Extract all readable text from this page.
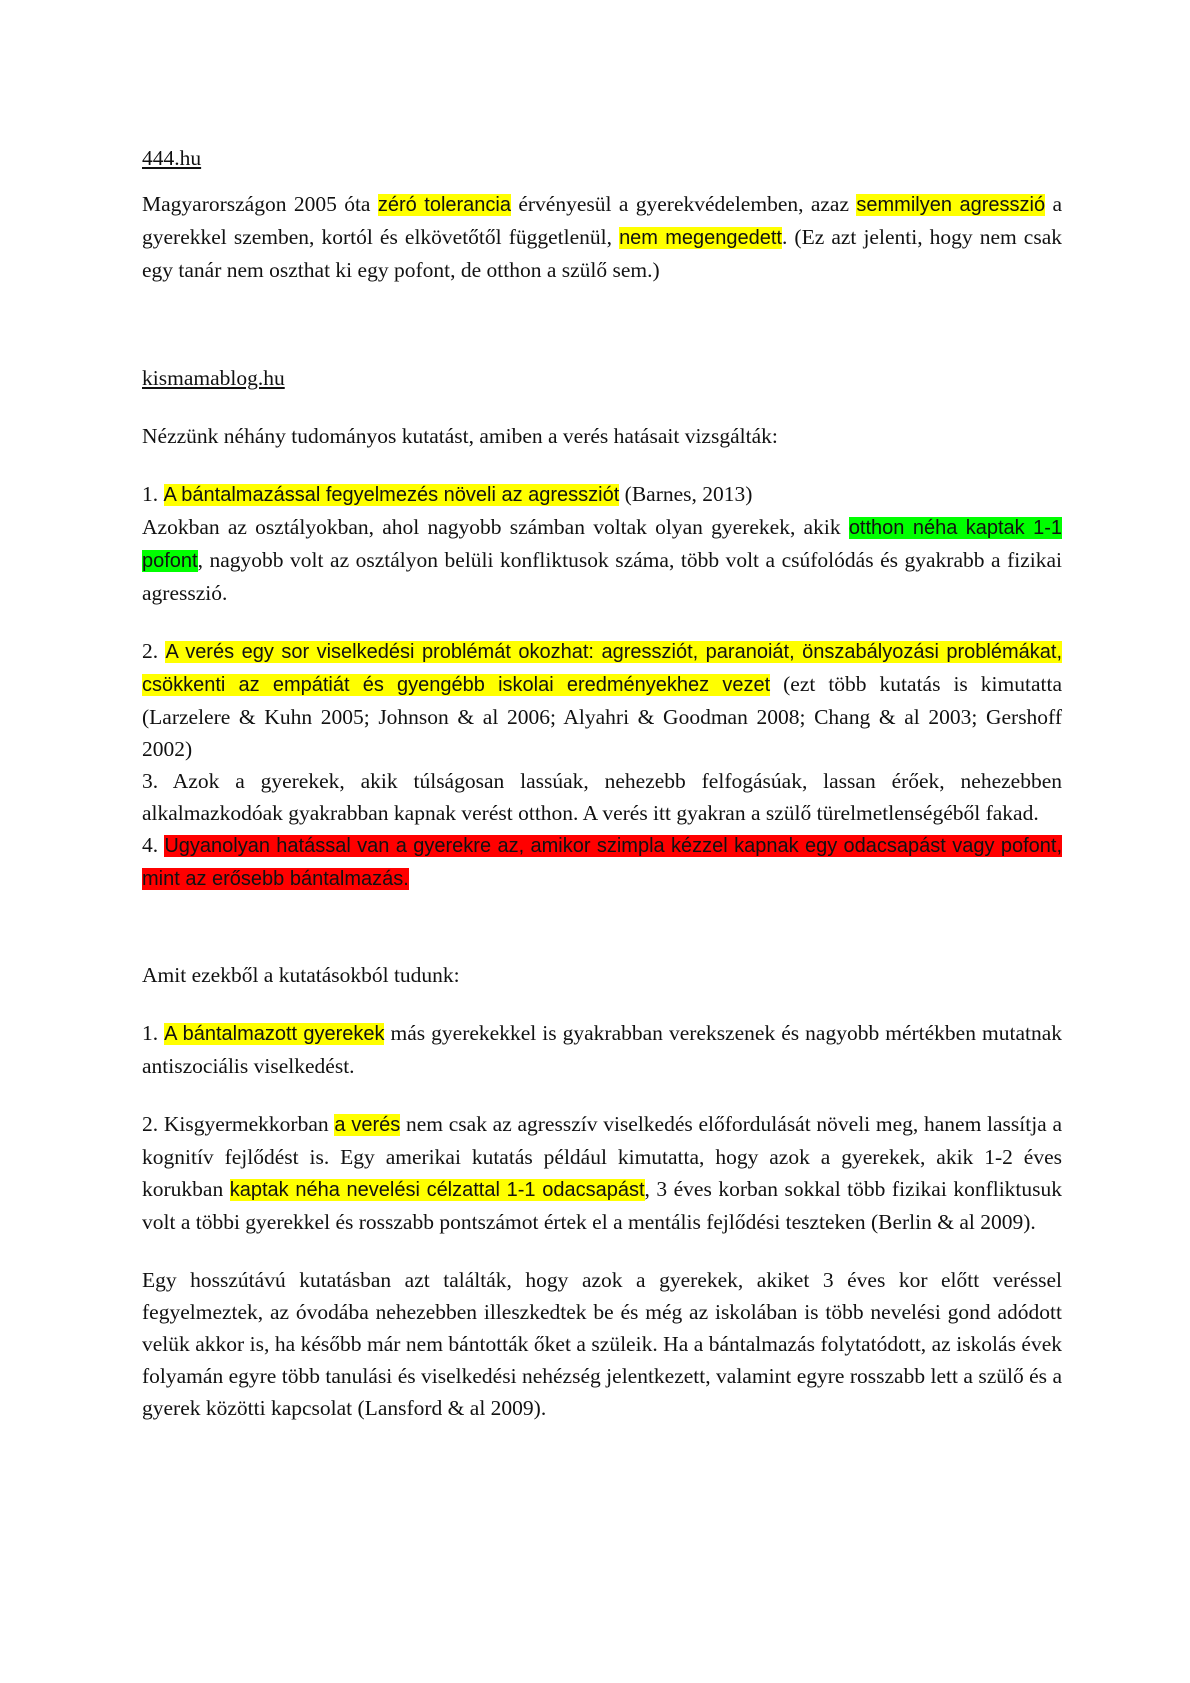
444.hu

Magyarországon 2005 óta zéró tolerancia érvényesül a gyerekvédelemben, azaz semmilyen agresszió a gyerekkel szemben, kortól és elkövetőtől függetlenül, nem megengedett. (Ez azt jelenti, hogy nem csak egy tanár nem oszthat ki egy pofont, de otthon a szülő sem.)

kismamablog.hu

Nézzünk néhány tudományos kutatást, amiben a verés hatásait vizsgálták:

1. A bántalmazással fegyelmezés növeli az agressziót (Barnes, 2013)
Azokban az osztályokban, ahol nagyobb számban voltak olyan gyerekek, akik otthon néha kaptak 1-1 pofont, nagyobb volt az osztályon belüli konfliktusok száma, több volt a csúfolódás és gyakrabb a fizikai agresszió.

2. A verés egy sor viselkedési problémát okozhat: agressziót, paranoiát, önszabályozási problémákat, csökkenti az empátiát és gyengébb iskolai eredményekhez vezet (ezt több kutatás is kimutatta (Larzelere & Kuhn 2005; Johnson & al 2006; Alyahri & Goodman 2008; Chang & al 2003; Gershoff 2002)

3. Azok a gyerekek, akik túlságosan lassúak, nehezebb felfogásúak, lassan érőek, nehezebben alkalmazkodóak gyakrabban kapnak verést otthon. A verés itt gyakran a szülő türelmetlenségéből fakad.

4. Ugyanolyan hatással van a gyerekre az, amikor szimpla kézzel kapnak egy odacsapást vagy pofont, mint az erősebb bántalmazás.

Amit ezekből a kutatásokból tudunk:

1. A bántalmazott gyerekek más gyerekekkel is gyakrabban verekszenek és nagyobb mértékben mutatnak antiszociális viselkedést.

2. Kisgyermekkorban a verés nem csak az agresszív viselkedés előfordulását növeli meg, hanem lassítja a kognitív fejlődést is. Egy amerikai kutatás például kimutatta, hogy azok a gyerekek, akik 1-2 éves korukban kaptak néha nevelési célzattal 1-1 odacsapást, 3 éves korban sokkal több fizikai konfliktusuk volt a többi gyerekkel és rosszabb pontszámot értek el a mentális fejlődési teszteken (Berlin & al 2009).

Egy hosszútávú kutatásban azt találták, hogy azok a gyerekek, akiket 3 éves kor előtt veréssel fegyelmeztek, az óvodába nehezebben illeszkedtek be és még az iskolában is több nevelési gond adódott velük akkor is, ha később már nem bántották őket a szüleik. Ha a bántalmazás folytatódott, az iskolás évek folyamán egyre több tanulási és viselkedési nehézség jelentkezett, valamint egyre rosszabb lett a szülő és a gyerek közötti kapcsolat (Lansford & al 2009).
